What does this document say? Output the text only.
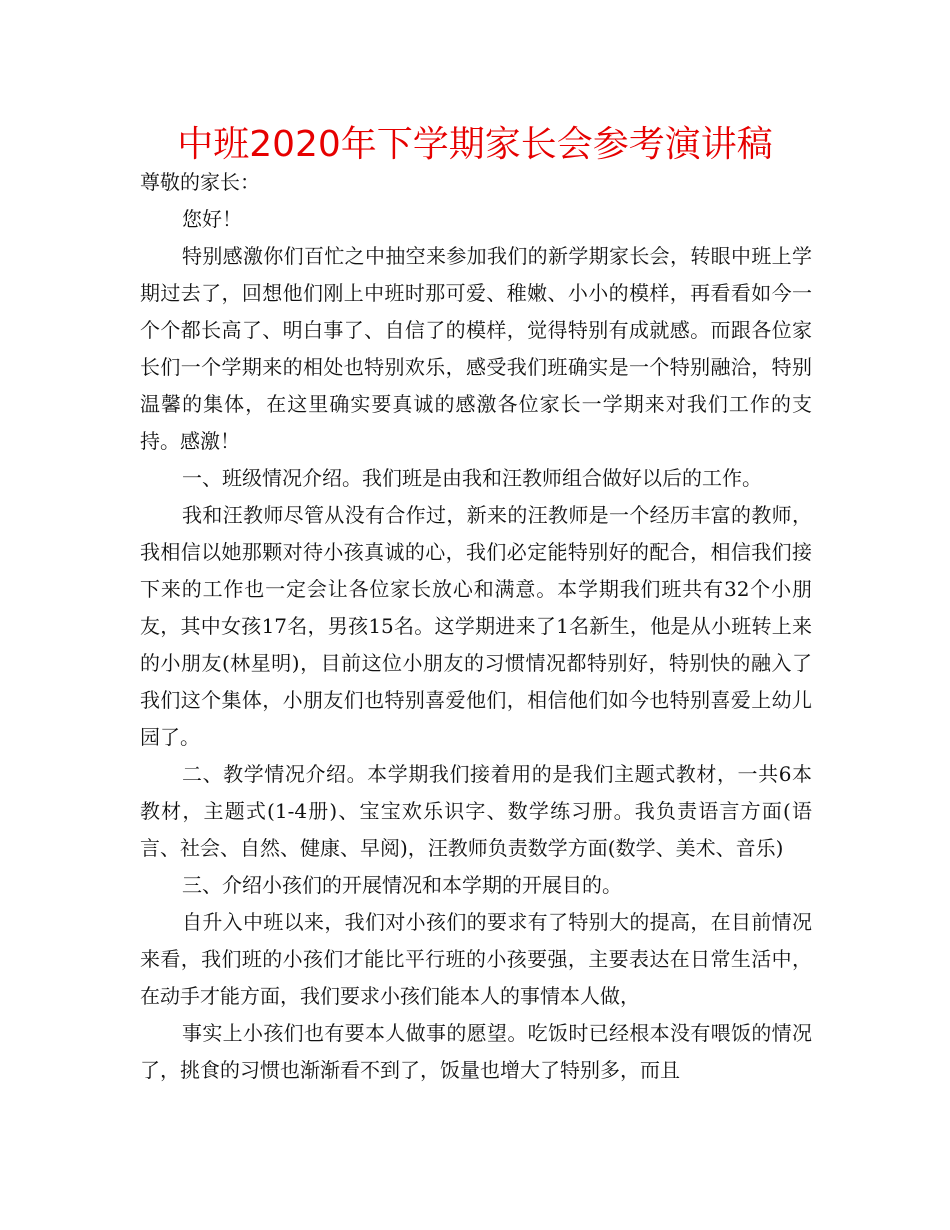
中班2020年下学期家长会参考演讲稿

尊敬的家长：

您好！

特别感激你们百忙之中抽空来参加我们的新学期家长会，转眼中班上学期过去了，回想他们刚上中班时那可爱、稚嫩、小小的模样，再看看如今一个个都长高了、明白事了、自信了的模样，觉得特别有成就感。而跟各位家长们一个学期来的相处也特别欢乐，感受我们班确实是一个特别融洽，特别温馨的集体，在这里确实要真诚的感激各位家长一学期来对我们工作的支持。感激！

一、班级情况介绍。我们班是由我和汪教师组合做好以后的工作。

我和汪教师尽管从没有合作过，新来的汪教师是一个经历丰富的教师，我相信以她那颗对待小孩真诚的心，我们必定能特别好的配合，相信我们接下来的工作也一定会让各位家长放心和满意。本学期我们班共有32个小朋友，其中女孩17名，男孩15名。这学期进来了1名新生，他是从小班转上来的小朋友(林星明)，目前这位小朋友的习惯情况都特别好，特别快的融入了我们这个集体，小朋友们也特别喜爱他们，相信他们如今也特别喜爱上幼儿园了。

二、教学情况介绍。本学期我们接着用的是我们主题式教材，一共6本教材，主题式(1-4册)、宝宝欢乐识字、数学练习册。我负责语言方面(语言、社会、自然、健康、早阅)，汪教师负责数学方面(数学、美术、音乐)

三、介绍小孩们的开展情况和本学期的开展目的。

自升入中班以来，我们对小孩们的要求有了特别大的提高，在目前情况来看，我们班的小孩们才能比平行班的小孩要强，主要表达在日常生活中，在动手才能方面，我们要求小孩们能本人的事情本人做，

事实上小孩们也有要本人做事的愿望。吃饭时已经根本没有喂饭的情况了，挑食的习惯也渐渐看不到了，饭量也增大了特别多，而且
